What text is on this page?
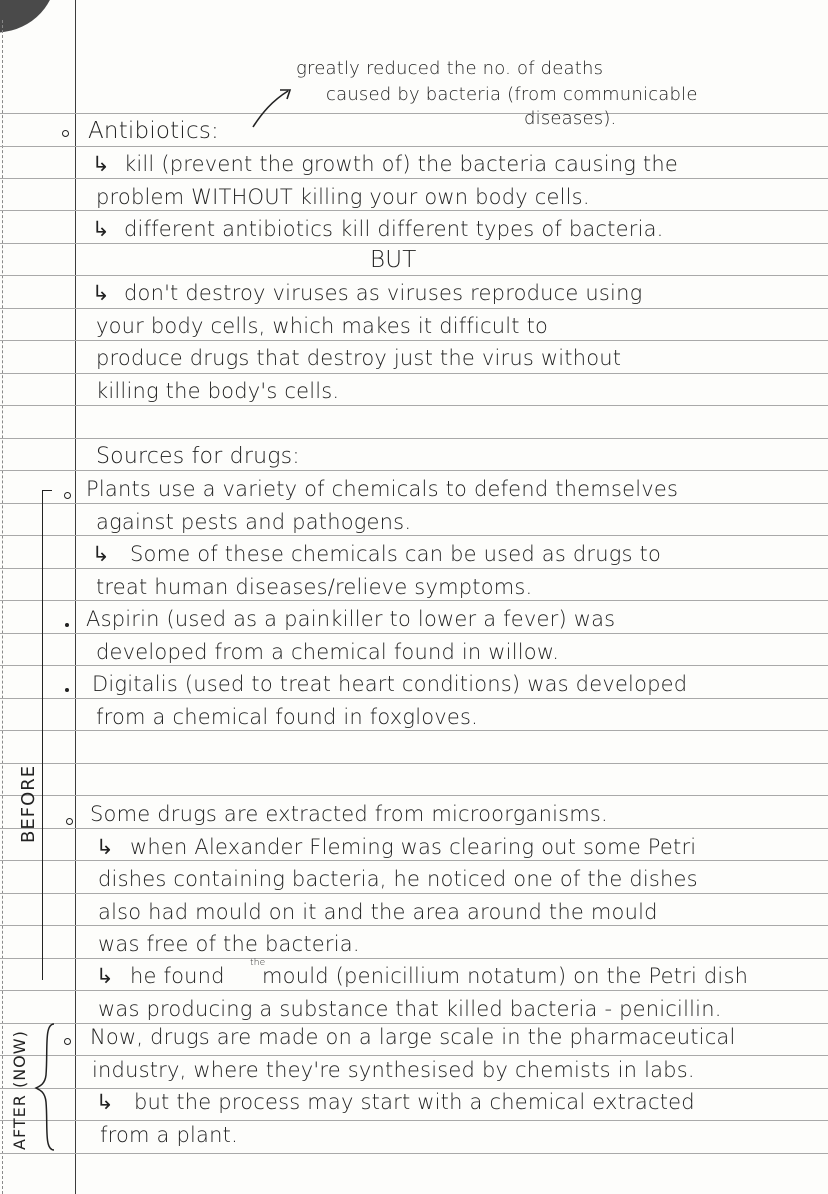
greatly reduced the no. of deaths
caused by bacteria (from communicable
diseases).
Antibiotics:
↳ kill (prevent the growth of) the bacteria causing the
problem WITHOUT killing your own body cells.
↳ different antibiotics kill different types of bacteria.
BUT
↳ don't destroy viruses as viruses reproduce using
your body cells, which makes it difficult to
produce drugs that destroy just the virus without
killing the body's cells.
Sources for drugs:
BEFORE
Plants use a variety of chemicals to defend themselves
against pests and pathogens.
↳ Some of these chemicals can be used as drugs to
treat human diseases/relieve symptoms.
Aspirin (used as a painkiller to lower a fever) was
developed from a chemical found in willow.
Digitalis (used to treat heart conditions) was developed
from a chemical found in foxgloves.
Some drugs are extracted from microorganisms.
↳ when Alexander Fleming was clearing out some Petri
dishes containing bacteria, he noticed one of the dishes
also had mould on it and the area around the mould
was free of the bacteria.
↳ he found
the
mould (penicillium notatum) on the Petri dish
was producing a substance that killed bacteria - penicillin.
AFTER (NOW)	Now, drugs are made on a large scale in the pharmaceutical
industry, where they're synthesised by chemists in labs.
↳ but the process may start with a chemical extracted
from a plant.
